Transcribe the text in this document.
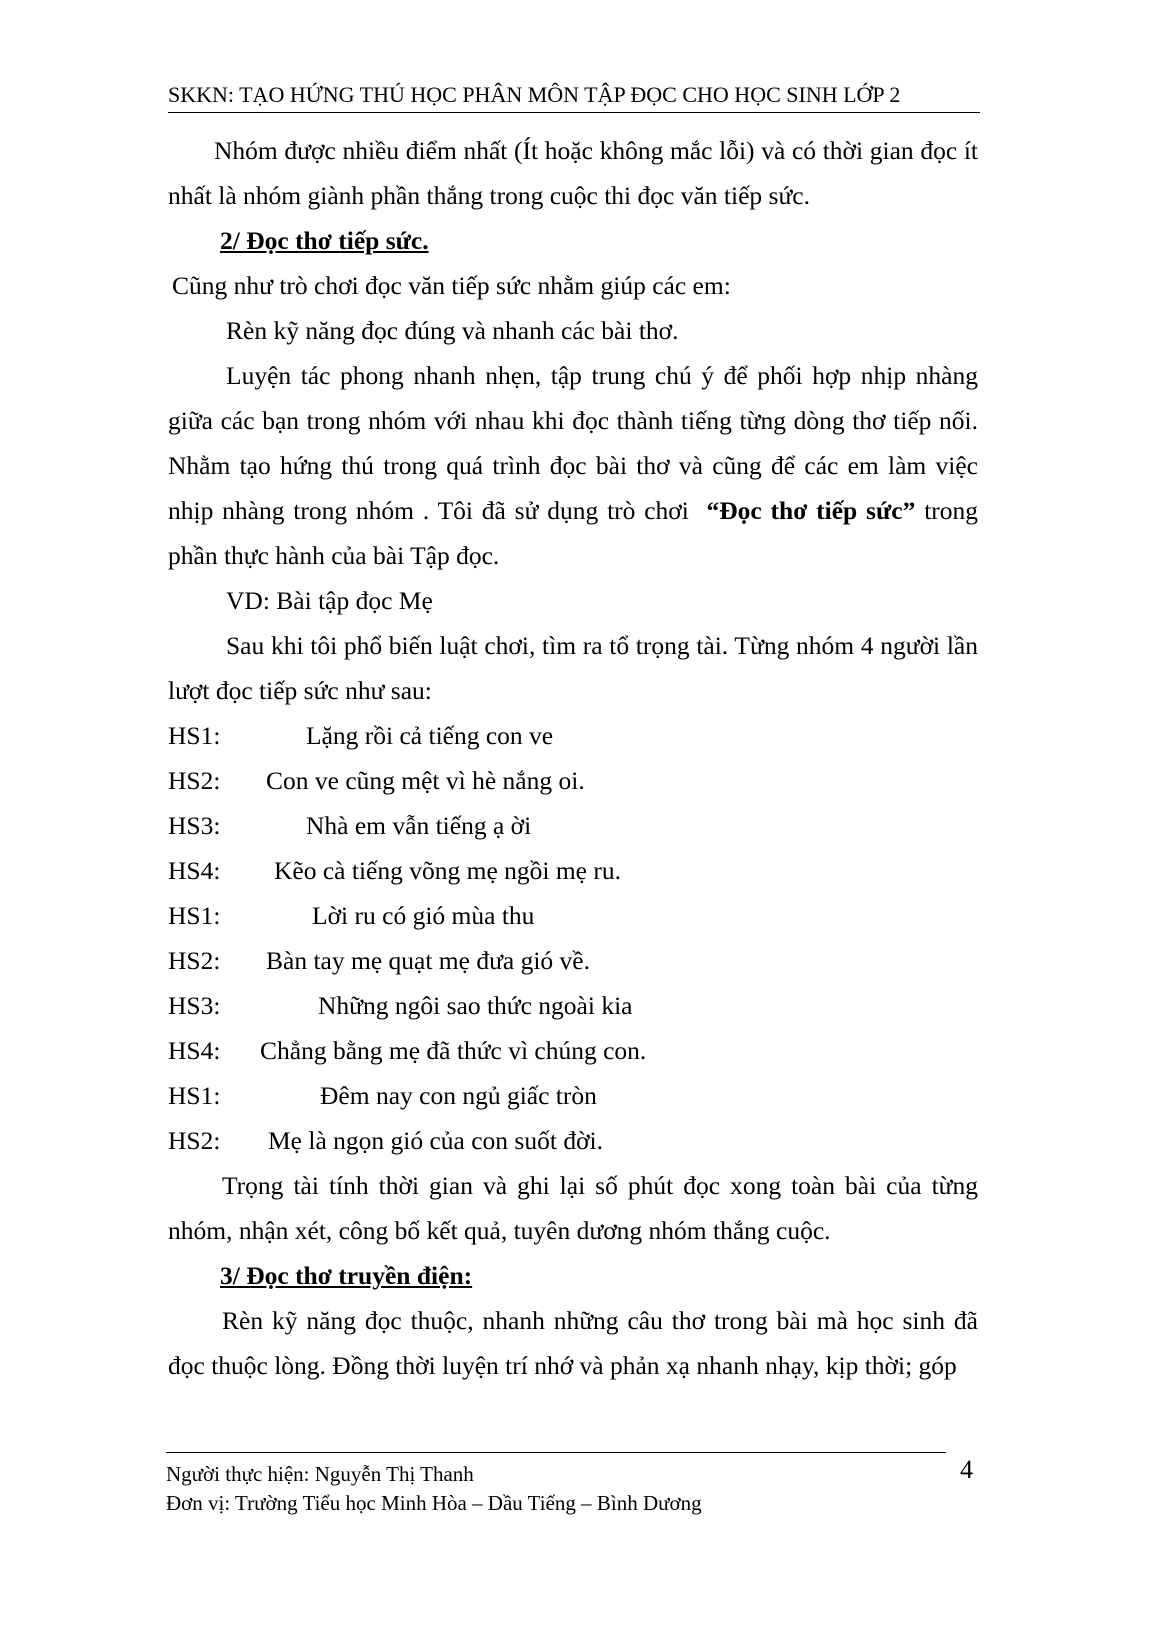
SKKN: TẠO HỨNG THÚ HỌC PHÂN MÔN TẬP ĐỌC CHO HỌC SINH LỚP 2

Nhóm được nhiều điểm nhất (Ít hoặc không mắc lỗi) và có thời gian đọc ít nhất là nhóm giành phần thắng trong cuộc thi đọc văn tiếp sức.

2/ Đọc thơ tiếp sức.

Cũng như trò chơi đọc văn tiếp sức nhằm giúp các em:

Rèn kỹ năng đọc đúng và nhanh các bài thơ.

Luyện tác phong nhanh nhẹn, tập trung chú ý để phối hợp nhịp nhàng giữa các bạn trong nhóm với nhau khi đọc thành tiếng từng dòng thơ tiếp nối. Nhằm tạo hứng thú trong quá trình đọc bài thơ và cũng để các em làm việc nhịp nhàng trong nhóm . Tôi đã sử dụng trò chơi “Đọc thơ tiếp sức” trong phần thực hành của bài Tập đọc.

VD: Bài tập đọc Mẹ

Sau khi tôi phổ biến luật chơi, tìm ra tổ trọng tài. Từng nhóm 4 người lần lượt đọc tiếp sức như sau:

HS1:	Lặng rồi cả tiếng con ve
HS2: Con ve cũng mệt vì hè nắng oi.
HS3:	Nhà em vẫn tiếng ạ ời
HS4: Kẽo cà tiếng võng mẹ ngồi mẹ ru.
HS1:	Lời ru có gió mùa thu
HS2: Bàn tay mẹ quạt mẹ đưa gió về.
HS3:	Những ngôi sao thức ngoài kia
HS4: Chẳng bằng mẹ đã thức vì chúng con.
HS1:	Đêm nay con ngủ giấc tròn
HS2: Mẹ là ngọn gió của con suốt đời.

Trọng tài tính thời gian và ghi lại số phút đọc xong toàn bài của từng nhóm, nhận xét, công bố kết quả, tuyên dương nhóm thắng cuộc.

3/ Đọc thơ truyền điện:

Rèn kỹ năng đọc thuộc, nhanh những câu thơ trong bài mà học sinh đã đọc thuộc lòng. Đồng thời luyện trí nhớ và phản xạ nhanh nhạy, kịp thời; góp

Người thực hiện: Nguyễn Thị Thanh

Đơn vị: Trường Tiểu học Minh Hòa – Dầu Tiếng – Bình Dương

4
